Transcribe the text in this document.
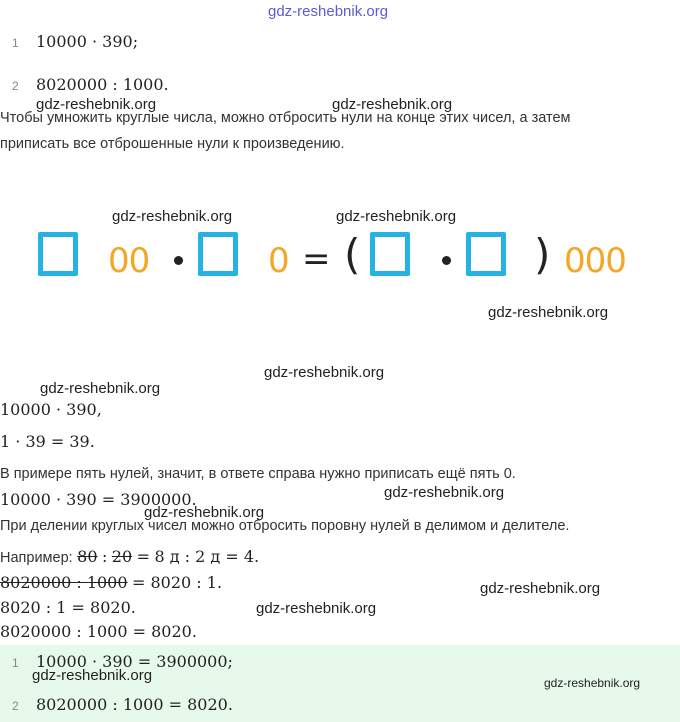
gdz-reshebnik.org
gdz-reshebnik.org	gdz-reshebnik.org
gdz-reshebnik.org	gdz-reshebnik.org
gdz-reshebnik.org
gdz-reshebnik.org
gdz-reshebnik.org
gdz-reshebnik.org
gdz-reshebnik.org
gdz-reshebnik.org
gdz-reshebnik.org
1 10000 · 390;
2 8020000 : 1000.
Чтобы умножить круглые числа, можно отбросить нули на конце этих чисел, а затем
приписать все отброшенные нули к произведению.
00	0 = (	) 000
10000 · 390,
1 · 39 = 39.
В примере пять нулей, значит, в ответе справа нужно приписать ещё пять 0.
10000 · 390 = 3900000.
При делении круглых чисел можно отбросить поровну нулей в делимом и делителе.
Например: 80 : 20 = 8 д : 2 д = 4.
8020000 : 1000 = 8020 : 1.
8020 : 1 = 8020.
8020000 : 1000 = 8020.
1 10000 · 390 = 3900000;
gdz-reshebnik.org	gdz-reshebnik.org
2 8020000 : 1000 = 8020.
